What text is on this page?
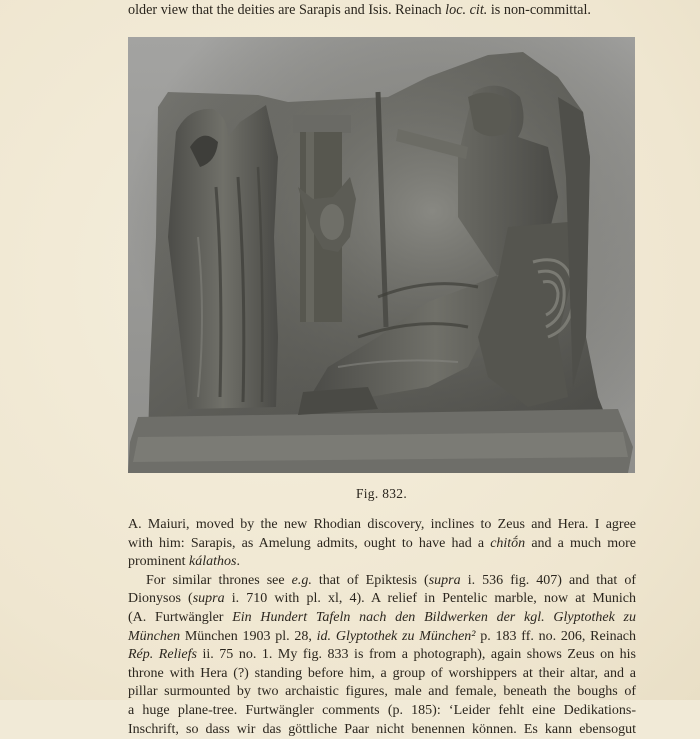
older view that the deities are Sarapis and Isis. Reinach loc. cit. is non-committal.
Fig. 832.
A. Maiuri, moved by the new Rhodian discovery, inclines to Zeus and Hera. I agree
with him: Sarapis, as Amelung admits, ought to have had a chitṓn and a much more
prominent kálathos.
For similar thrones see e.g. that of Epiktesis (supra i. 536 fig. 407) and that of
Dionysos (supra i. 710 with pl. xl, 4). A relief in Pentelic marble, now at Munich
(A. Furtwängler Ein Hundert Tafeln nach den Bildwerken der kgl. Glyptothek zu
München München 1903 pl. 28, id. Glyptothek zu München² p. 183 ff. no. 206, Reinach
Rép. Reliefs ii. 75 no. 1. My fig. 833 is from a photograph), again shows Zeus on his
throne with Hera (?) standing before him, a group of worshippers at their altar, and a
pillar surmounted by two archaistic figures, male and female, beneath the boughs of
a huge plane-tree. Furtwängler comments (p. 185): ‘Leider fehlt eine Dedikations-
Inschrift, so dass wir das göttliche Paar nicht benennen können. Es kann ebensogut
